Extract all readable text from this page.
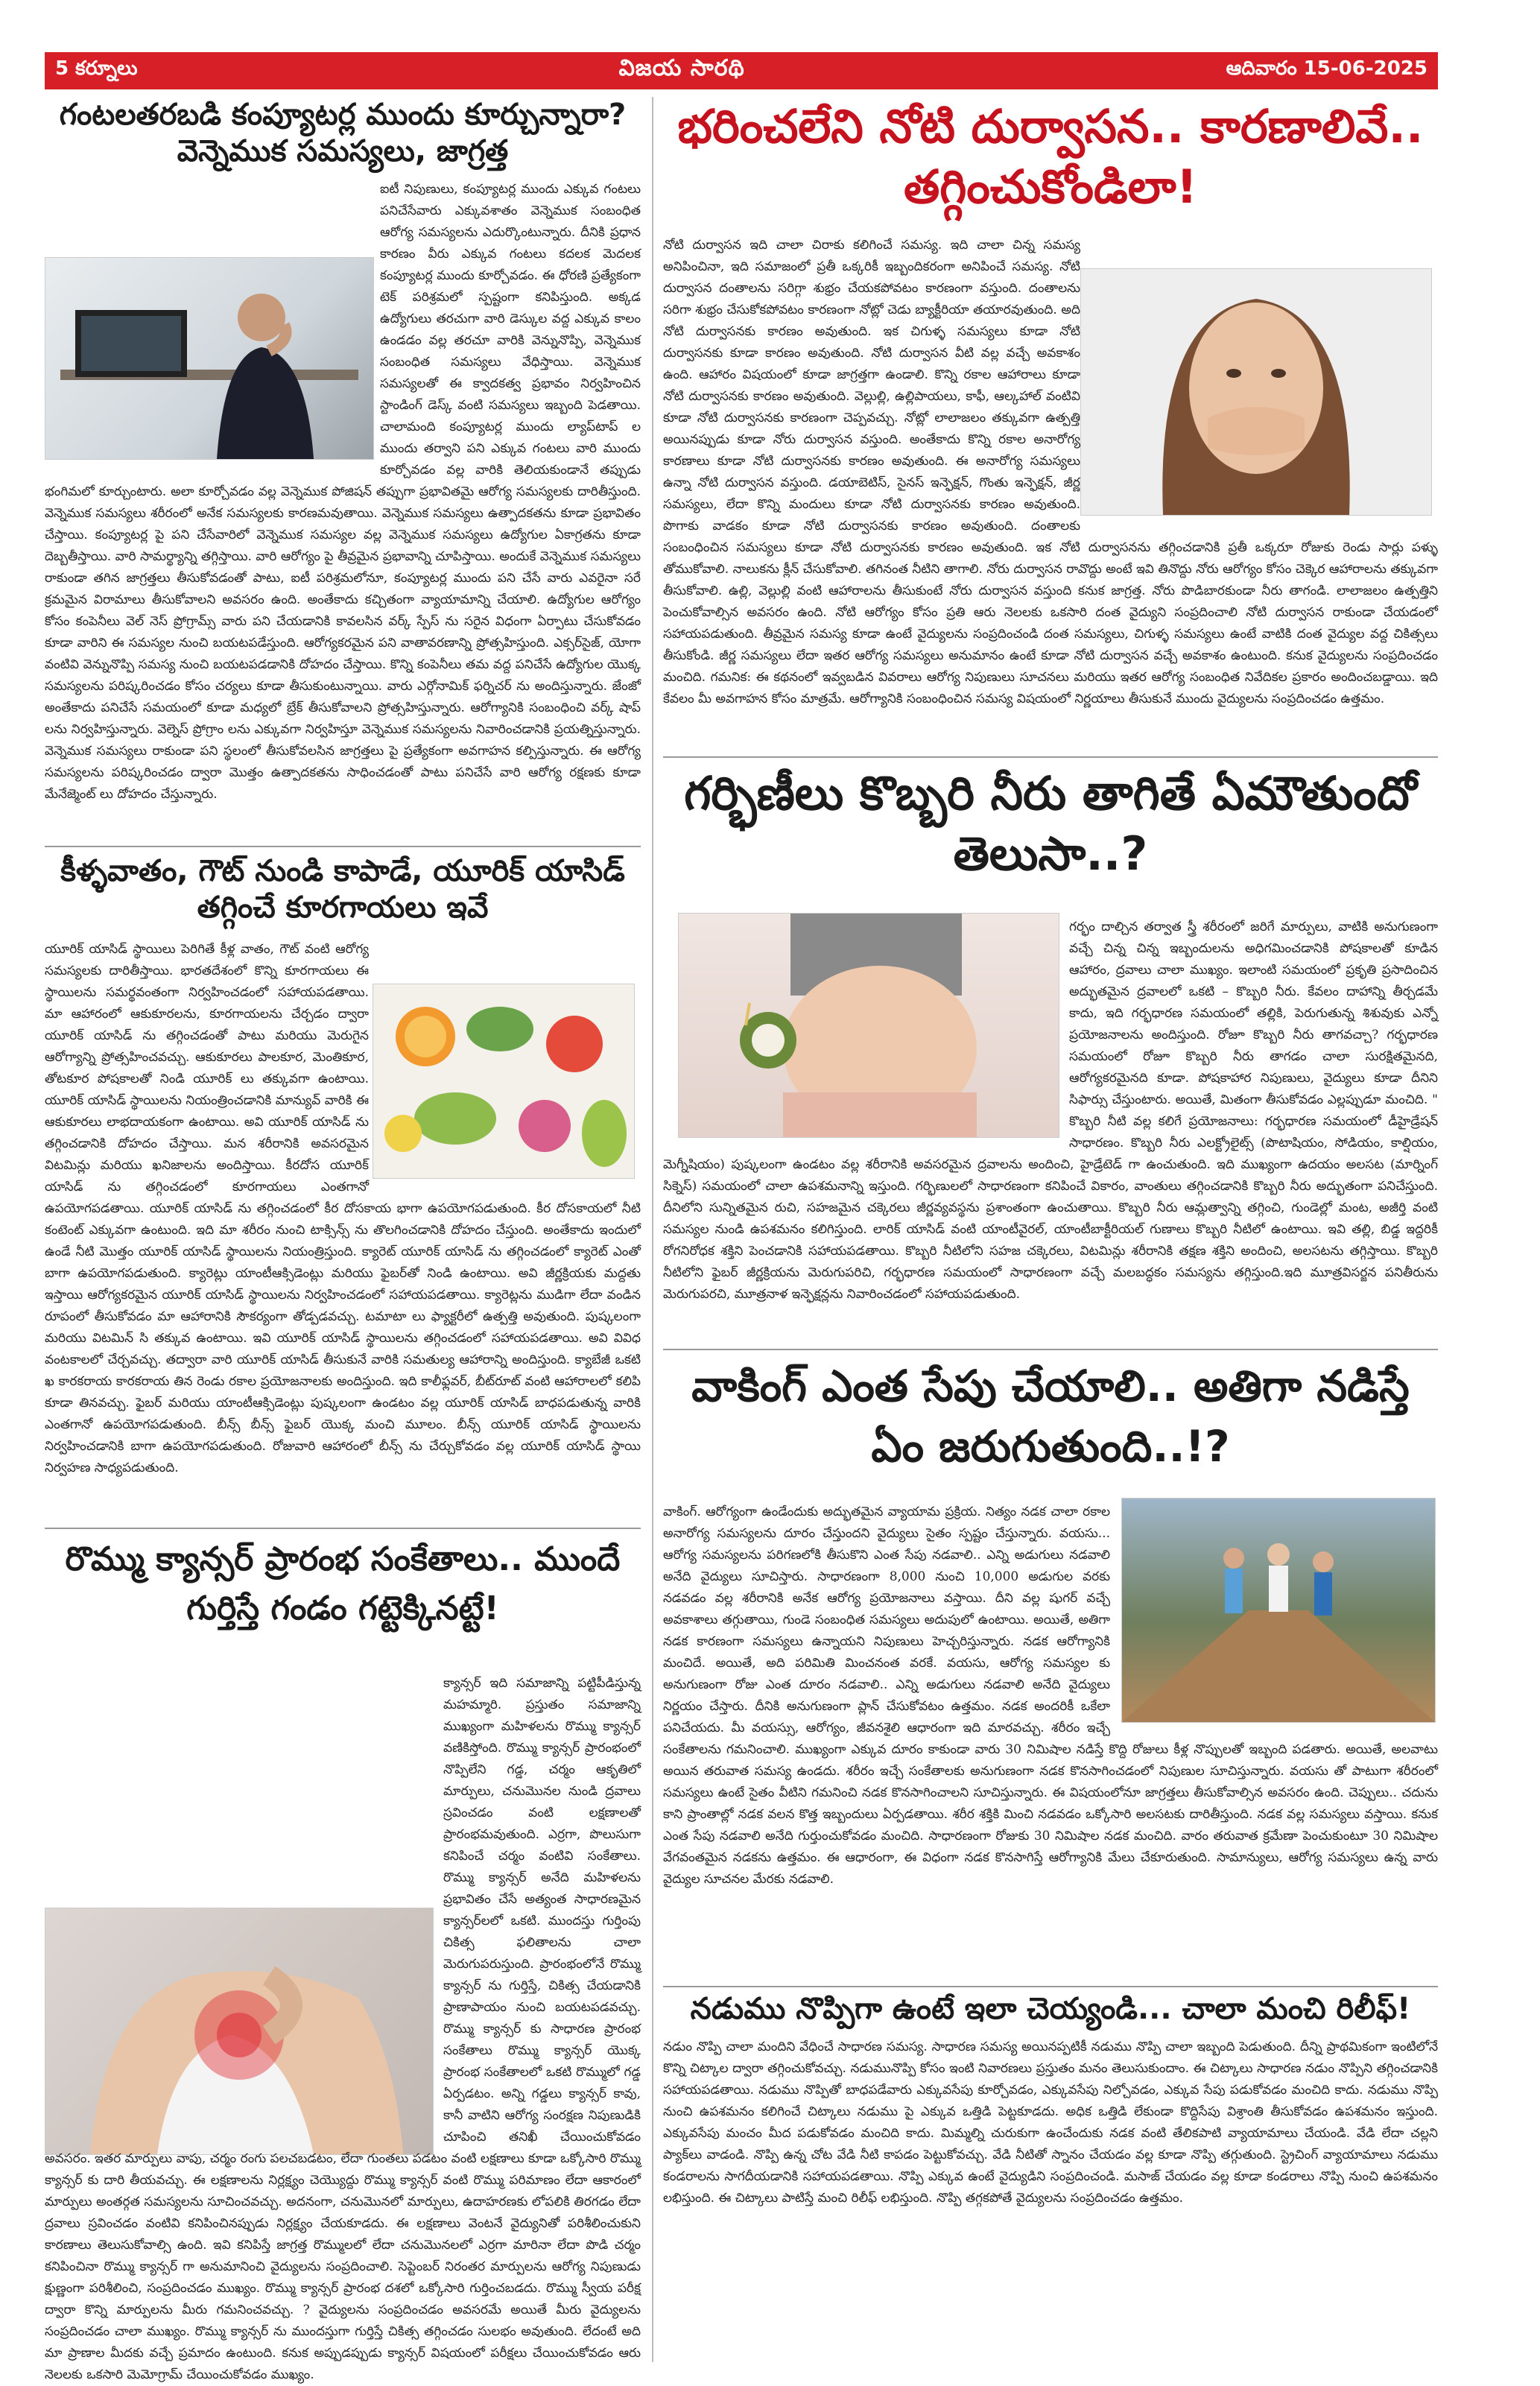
5 కర్నూలు	విజయ సారథి	ఆదివారం 15-06-2025
గంటలతరబడి కంప్యూటర్ల ముందు కూర్చున్నారా? వెన్నెముక సమస్యలు, జాగ్రత్త

ఐటీ నిపుణులు, కంప్యూటర్ల ముందు ఎక్కువ గంటలు పనిచేసేవారు ఎక్కువశాతం వెన్నెముక సంబంధిత ఆరోగ్య సమస్యలను ఎదుర్కొంటున్నారు. దీనికి ప్రధాన కారణం వీరు ఎక్కువ గంటలు కదలక మెదలక కంప్యూటర్ల ముందు కూర్చోవడం. ఈ ధోరణి ప్రత్యేకంగా టెక్ పరిశ్రమలో స్పష్టంగా కనిపిస్తుంది. అక్కడ ఉద్యోగులు తరచుగా వారి డెస్కుల వద్ద ఎక్కువ కాలం ఉండడం వల్ల తరచూ వారికి వెన్నునొప్పి, వెన్నెముక సంబంధిత సమస్యలు వేధిస్తాయి. వెన్నెముక సమస్యలతో ఈ క్వాదకత్వ ప్రభావం నిర్వహించిన స్టాండింగ్ డెస్క్ వంటి సమస్యలు ఇబ్బంది పెడతాయి. చాలామంది కంప్యూటర్ల ముందు ల్యాప్‌టాప్ ల ముందు తర్వాని పని ఎక్కువ గంటలు వారి ముందు కూర్చోవడం వల్ల వారికి తెలియకుండానే తప్పుడు భంగిమలో కూర్చుంటారు. అలా కూర్చోవడం వల్ల వెన్నెముక పోజిషన్ తప్పుగా ప్రభావితమై ఆరోగ్య సమస్యలకు దారితీస్తుంది. వెన్నెముక సమస్యలు శరీరంలో అనేక సమస్యలకు కారణమవుతాయి. వెన్నెముక సమస్యలు ఉత్పాదకతను కూడా ప్రభావితం చేస్తాయి. కంప్యూటర్ల పై పని చేసేవారిలో వెన్నెముక సమస్యల వల్ల వెన్నెముక సమస్యలు ఉద్యోగుల ఏకాగ్రతను కూడా దెబ్బతీస్తాయి. వారి సామర్థ్యాన్ని తగ్గిస్తాయి. వారి ఆరోగ్యం పై తీవ్రమైన ప్రభావాన్ని చూపిస్తాయి. అందుకే వెన్నెముక సమస్యలు రాకుండా తగిన జాగ్రత్తలు తీసుకోవడంతో పాటు, ఐటీ పరిశ్రమలోనూ, కంప్యూటర్ల ముందు పని చేసే వారు ఎవరైనా సరే క్రమమైన విరామాలు తీసుకోవాలని అవసరం ఉంది. అంతేకాదు కచ్చితంగా వ్యాయామాన్ని చేయాలి. ఉద్యోగుల ఆరోగ్యం కోసం కంపెనీలు వెల్ నెస్ ప్రోగ్రామ్స్ వారు పని చేయడానికి కావలసిన వర్క్ స్పేస్ ను సరైన విధంగా ఏర్పాటు చేసుకోవడం కూడా వారిని ఈ సమస్యల నుంచి బయటపడేస్తుంది. ఆరోగ్యకరమైన పని వాతావరణాన్ని ప్రోత్సహిస్తుంది. ఎక్సర్‌సైజ్, యోగా వంటివి వెన్నునొప్పి సమస్య నుంచి బయటపడడానికి దోహదం చేస్తాయి. కొన్ని కంపెనీలు తమ వద్ద పనిచేసే ఉద్యోగుల యొక్క సమస్యలను పరిష్కరించడం కోసం చర్యలు కూడా తీసుకుంటున్నాయి. వారు ఎర్గోనామిక్ ఫర్నిచర్ ను అందిస్తున్నారు. జేంజో అంతేకాదు పనిచేసే సమయంలో కూడా మధ్యలో బ్రేక్ తీసుకోవాలని ప్రోత్సహిస్తున్నారు. ఆరోగ్యానికి సంబంధించి వర్క్ షాప్ లను నిర్వహిస్తున్నారు. వెల్నెస్ ప్రోగ్రాం లను ఎక్కువగా నిర్వహిస్తూ వెన్నెముక సమస్యలను నివారించడానికి ప్రయత్నిస్తున్నారు. వెన్నెముక సమస్యలు రాకుండా పని స్థలంలో తీసుకోవలసిన జాగ్రత్తలు పై ప్రత్యేకంగా అవగాహన కల్పిస్తున్నారు. ఈ ఆరోగ్య సమస్యలను పరిష్కరించడం ద్వారా మొత్తం ఉత్పాదకతను సాధించడంతో పాటు పనిచేసే వారి ఆరోగ్య రక్షణకు కూడా మేనేజ్మెంట్ లు దోహదం చేస్తున్నారు.

కీళ్ళవాతం, గౌట్ నుండి కాపాడే, యూరిక్ యాసిడ్ తగ్గించే కూరగాయలు ఇవే

యూరిక్ యాసిడ్ స్థాయిలు పెరిగితే కీళ్ల వాతం, గౌట్ వంటి ఆరోగ్య సమస్యలకు దారితీస్తాయి. భారతదేశంలో కొన్ని కూరగాయలు ఈ స్థాయిలను సమర్థవంతంగా నిర్వహించడంలో సహాయపడతాయి. మా ఆహారంలో ఆకుకూరలను, కూరగాయలను చేర్చడం ద్వారా యూరిక్ యాసిడ్ ను తగ్గించడంతో పాటు మరియు మెరుగైన ఆరోగ్యాన్ని ప్రోత్సహించవచ్చు. ఆకుకూరలు పాలకూర, మెంతికూర, తోటకూర పోషకాలతో నిండి యూరిక్ లు తక్కువగా ఉంటాయి. యూరిక్ యాసిడ్ స్థాయిలను నియంత్రించడానికి మాన్యువ్ వారికి ఈ ఆకుకూరలు లాభదాయకంగా ఉంటాయి. అవి యూరిక్ యాసిడ్ ను తగ్గించడానికి దోహదం చేస్తాయి. మన శరీరానికి అవసరమైన విటమిన్లు మరియు ఖనిజాలను అందిస్తాయి. కీరదోస యూరిక్ యాసిడ్ ను తగ్గించడంలో కూరగాయలు ఎంతగానో ఉపయోగపడతాయి. యూరిక్ యాసిడ్ ను తగ్గించడంలో కీర దోసకాయ భాగా ఉపయోగపడుతుంది. కీర దోసకాయలో నీటి కంటెంట్ ఎక్కువగా ఉంటుంది. ఇది మా శరీరం నుంచి టాక్సిన్స్ ను తొలగించడానికి దోహదం చేస్తుంది. అంతేకాదు ఇందులో ఉండే నీటి మొత్తం యూరిక్ యాసిడ్ స్థాయిలను నియంత్రిస్తుంది. క్యారెట్ యూరిక్ యాసిడ్ ను తగ్గించడంలో క్యారెట్ ఎంతో బాగా ఉపయోగపడుతుంది. క్యారెట్లు యాంటీఆక్సిడెంట్లు మరియు ఫైబర్‌తో నిండి ఉంటాయి. అవి జీర్ణక్రియకు మద్దతు ఇస్తాయి ఆరోగ్యకరమైన యూరిక్ యాసిడ్ స్థాయిలను నిర్వహించడంలో సహాయపడతాయి. క్యారెట్లను ముడిగా లేదా వండిన రూపంలో తీసుకోవడం మా ఆహారానికి సౌకర్యంగా తోడ్పడవచ్చు. టమాటా లు ఫ్యాక్టరీలో ఉత్పత్తి అవుతుంది. పుష్కలంగా మరియు విటమిన్ సి తక్కువ ఉంటాయి. ఇవి యూరిక్ యాసిడ్ స్థాయిలను తగ్గించడంలో సహాయపడతాయి. అవి వివిధ వంటకాలలో చేర్చవచ్చు. తద్వారా వారి యూరిక్ యాసిడ్ తీసుకునే వారికి సమతుల్య ఆహారాన్ని అందిస్తుంది. క్యాబేజీ ఒకటి ఖ కారకరాయ కారకరాయ తిన రెండు రకాల ప్రయోజనాలకు అందిస్తుంది. ఇది కాలీఫ్లవర్, బీట్‌రూట్ వంటి ఆహారాలలో కలిపి కూడా తినవచ్చు. ఫైబర్ మరియు యాంటీఆక్సిడెంట్లు పుష్కలంగా ఉండటం వల్ల యూరిక్ యాసిడ్ బాధపడుతున్న వారికి ఎంతగానో ఉపయోగపడుతుంది. బీన్స్ బీన్స్ ఫైబర్ యొక్క మంచి మూలం. బీన్స్ యూరిక్ యాసిడ్ స్థాయిలను నిర్వహించడానికి బాగా ఉపయోగపడుతుంది. రోజువారి ఆహారంలో బీన్స్ ను చేర్చుకోవడం వల్ల యూరిక్ యాసిడ్ స్థాయి నిర్వహణ సాధ్యపడుతుంది.

రొమ్ము క్యాన్సర్ ప్రారంభ సంకేతాలు.. ముందే గుర్తిస్తే గండం గట్టెక్కినట్టే!

క్యాన్సర్ ఇది సమాజాన్ని పట్టిపీడిస్తున్న మహమ్మారి. ప్రస్తుతం సమాజాన్ని ముఖ్యంగా మహిళలను రొమ్ము క్యాన్సర్ వణికిస్తోంది. రొమ్ము క్యాన్సర్ ప్రారంభంలో నొప్పిలేని గడ్డ, చర్మం ఆకృతిలో మార్పులు, చనుమొనల నుండి ద్రవాలు స్రవించడం వంటి లక్షణాలతో ప్రారంభమవుతుంది. ఎర్రగా, పొలుసుగా కనిపించే చర్మం వంటివి సంకేతాలు. రొమ్ము క్యాన్సర్ అనేది మహిళలను ప్రభావితం చేసే అత్యంత సాధారణమైన క్యాన్సర్‌లలో ఒకటి. ముందస్తు గుర్తింపు చికిత్స ఫలితాలను చాలా మెరుగుపరుస్తుంది. ప్రారంభంలోనే రొమ్ము క్యాన్సర్ ను గుర్తిస్తే, చికిత్స చేయడానికి ప్రాణాపాయం నుంచి బయటపడవచ్చు. రొమ్ము క్యాన్సర్ కు సాధారణ ప్రారంభ సంకేతాలు రొమ్ము క్యాన్సర్ యొక్క ప్రారంభ సంకేతాలలో ఒకటి రొమ్ములో గడ్డ ఏర్పడటం. అన్ని గడ్డలు క్యాన్సర్ కావు, కానీ వాటిని ఆరోగ్య సంరక్షణ నిపుణుడికి చూపించి తనిఖీ చేయించుకోవడం అవసరం. ఇతర మార్పులు వాపు, చర్మం రంగు పలచబడటం, లేదా గుంతలు పడటం వంటి లక్షణాలు కూడా ఒక్కోసారి రొమ్ము క్యాన్సర్ కు దారి తీయవచ్చు. ఈ లక్షణాలను నిర్లక్ష్యం చెయ్యొద్దు రొమ్ము క్యాన్సర్ వంటి రొమ్ము పరిమాణం లేదా ఆకారంలో మార్పులు అంతర్గత సమస్యలను సూచించవచ్చు. అదనంగా, చనుమొనలో మార్పులు, ఉదాహరణకు లోపలికి తిరగడం లేదా ద్రవాలు స్రవించడం వంటివి కనిపించినప్పుడు నిర్లక్ష్యం చేయకూడదు. ఈ లక్షణాలు వెంటనే వైద్యునితో పరిశీలించుకుని కారణాలు తెలుసుకోవాల్సి ఉంది. ఇవి కనిపిస్తే జాగ్రత్త రొమ్ములలో లేదా చనుమొనలలో ఎర్రగా మారినా లేదా పొడి చర్మం కనిపించినా రొమ్ము క్యాన్సర్ గా అనుమానించి వైద్యులను సంప్రదించాలి. సెప్టెంబర్ నిరంతర మార్పులను ఆరోగ్య నిపుణుడు క్షుణ్ణంగా పరిశీలించి, సంప్రదించడం ముఖ్యం. రొమ్ము క్యాన్సర్ ప్రారంభ దశలో ఒక్కోసారి గుర్తించబడదు. రొమ్ము స్వీయ పరీక్ష ద్వారా కొన్ని మార్పులను మీరు గమనించవచ్చు. ? వైద్యులను సంప్రదించడం అవసరమే అయితే మీరు వైద్యులను సంప్రదించడం చాలా ముఖ్యం. రొమ్ము క్యాన్సర్ ను ముందస్తుగా గుర్తిస్తే చికిత్స తగ్గించడం సులభం అవుతుంది. లేదంటే అది మా ప్రాణాల మీదకు వచ్చే ప్రమాదం ఉంటుంది. కనుక అప్పుడప్పుడు క్యాన్సర్ విషయంలో పరీక్షలు చేయించుకోవడం ఆరు నెలలకు ఒకసారి మెమోగ్రామ్ చేయించుకోవడం ముఖ్యం.

భరించలేని నోటి దుర్వాసన.. కారణాలివే.. తగ్గించుకోండిలా!

నోటి దుర్వాసన ఇది చాలా చిరాకు కలిగించే సమస్య. ఇది చాలా చిన్న సమస్య అనిపించినా, ఇది సమాజంలో ప్రతీ ఒక్కరికీ ఇబ్బందికరంగా అనిపించే సమస్య. నోటి దుర్వాసన దంతాలను సరిగ్గా శుభ్రం చేయకపోవటం కారణంగా వస్తుంది. దంతాలను సరిగా శుభ్రం చేసుకోకపోవటం కారణంగా నోట్లో చెడు బ్యాక్టీరియా తయారవుతుంది. అది నోటి దుర్వాసనకు కారణం అవుతుంది. ఇక చిగుళ్ళ సమస్యలు కూడా నోటి దుర్వాసనకు కూడా కారణం అవుతుంది. నోటి దుర్వాసన వీటి వల్ల వచ్చే అవకాశం ఉంది. ఆహారం విషయంలో కూడా జాగ్రత్తగా ఉండాలి. కొన్ని రకాల ఆహారాలు కూడా నోటి దుర్వాసనకు కారణం అవుతుంది. వెల్లుల్లి, ఉల్లిపాయలు, కాఫీ, ఆల్కహాల్ వంటివి కూడా నోటి దుర్వాసనకు కారణంగా చెప్పవచ్చు. నోట్లో లాలాజలం తక్కువగా ఉత్పత్తి అయినప్పుడు కూడా నోరు దుర్వాసన వస్తుంది. అంతేకాదు కొన్ని రకాల అనారోగ్య కారణాలు కూడా నోటి దుర్వాసనకు కారణం అవుతుంది. ఈ అనారోగ్య సమస్యలు ఉన్నా నోటి దుర్వాసన వస్తుంది. డయాబెటిస్, సైనస్ ఇన్ఫెక్షన్, గొంతు ఇన్ఫెక్షన్, జీర్ణ సమస్యలు, లేదా కొన్ని మందులు కూడా నోటి దుర్వాసనకు కారణం అవుతుంది. పొగాకు వాడకం కూడా నోటి దుర్వాసనకు కారణం అవుతుంది. దంతాలకు సంబంధించిన సమస్యలు కూడా నోటి దుర్వాసనకు కారణం అవుతుంది. ఇక నోటి దుర్వాసనను తగ్గించడానికి ప్రతీ ఒక్కరూ రోజుకు రెండు సార్లు పళ్ళు తోముకోవాలి. నాలుకను క్లీన్ చేసుకోవాలి. తగినంత నీటిని తాగాలి. నోరు దుర్వాసన రావొద్దు అంటే ఇవి తినొద్దు నోరు ఆరోగ్యం కోసం చెక్కెర ఆహారాలను తక్కువగా తీసుకోవాలి. ఉల్లి, వెల్లుల్లి వంటి ఆహారాలను తీసుకుంటే నోరు దుర్వాసన వస్తుంది కనుక జాగ్రత్త. నోరు పొడిబారకుండా నీరు తాగండి. లాలాజలం ఉత్పత్తిని పెంచుకోవాల్సిన అవసరం ఉంది. నోటి ఆరోగ్యం కోసం ప్రతి ఆరు నెలలకు ఒకసారి దంత వైద్యుని సంప్రదించాలి నోటి దుర్వాసన రాకుండా చేయడంలో సహాయపడుతుంది. తీవ్రమైన సమస్య కూడా ఉంటే వైద్యులను సంప్రదించండి దంత సమస్యలు, చిగుళ్ళ సమస్యలు ఉంటే వాటికి దంత వైద్యుల వద్ద చికిత్సలు తీసుకోండి. జీర్ణ సమస్యలు లేదా ఇతర ఆరోగ్య సమస్యలు అనుమానం ఉంటే కూడా నోటి దుర్వాసన వచ్చే అవకాశం ఉంటుంది. కనుక వైద్యులను సంప్రదించడం మంచిది. గమనిక: ఈ కథనంలో ఇవ్వబడిన వివరాలు ఆరోగ్య నిపుణులు సూచనలు మరియు ఇతర ఆరోగ్య సంబంధిత నివేదికల ప్రకారం అందించబడ్డాయి. ఇది కేవలం మీ అవగాహన కోసం మాత్రమే. ఆరోగ్యానికి సంబంధించిన సమస్య విషయంలో నిర్ణయాలు తీసుకునే ముందు వైద్యులను సంప్రదించడం ఉత్తమం.

గర్భిణీలు కొబ్బరి నీరు తాగితే ఏమౌతుందో తెలుసా..?

గర్భం దాల్చిన తర్వాత స్త్రీ శరీరంలో జరిగే మార్పులు, వాటికి అనుగుణంగా వచ్చే చిన్న చిన్న ఇబ్బందులను అధిగమించడానికి పోషకాలతో కూడిన ఆహారం, ద్రవాలు చాలా ముఖ్యం. ఇలాంటి సమయంలో ప్రకృతి ప్రసాదించిన అద్భుతమైన ద్రవాలలో ఒకటి – కొబ్బరి నీరు. కేవలం దాహాన్ని తీర్చడమే కాదు, ఇది గర్భధారణ సమయంలో తల్లికి, పెరుగుతున్న శిశువుకు ఎన్నో ప్రయోజనాలను అందిస్తుంది. రోజూ కొబ్బరి నీరు తాగవచ్చా? గర్భధారణ సమయంలో రోజూ కొబ్బరి నీరు తాగడం చాలా సురక్షితమైనది, ఆరోగ్యకరమైనది కూడా. పోషకాహార నిపుణులు, వైద్యులు కూడా దీనిని సిఫార్సు చేస్తుంటారు. అయితే, మితంగా తీసుకోవడం ఎల్లప్పుడూ మంచిది. " కొబ్బరి నీటి వల్ల కలిగే ప్రయోజనాలు: గర్భధారణ సమయంలో డీహైడ్రేషన్ సాధారణం. కొబ్బరి నీరు ఎలక్ట్రోలైట్స్ (పొటాషియం, సోడియం, కాల్షియం, మెగ్నీషియం) పుష్కలంగా ఉండటం వల్ల శరీరానికి అవసరమైన ద్రవాలను అందించి, హైడ్రేటెడ్ గా ఉంచుతుంది. ఇది ముఖ్యంగా ఉదయం అలసట (మార్నింగ్ సిక్నెస్) సమయంలో చాలా ఉపశమనాన్ని ఇస్తుంది. గర్భిణులలో సాధారణంగా కనిపించే వికారం, వాంతులు తగ్గించడానికి కొబ్బరి నీరు అద్భుతంగా పనిచేస్తుంది. దీనిలోని సున్నితమైన రుచి, సహజమైన చక్కెరలు జీర్ణవ్యవస్థను ప్రశాంతంగా ఉంచుతాయి. కొబ్బరి నీరు ఆమ్లత్వాన్ని తగ్గించి, గుండెల్లో మంట, అజీర్తి వంటి సమస్యల నుండి ఉపశమనం కలిగిస్తుంది. లారిక్ యాసిడ్ వంటి యాంటీవైరల్, యాంటీబాక్టీరియల్ గుణాలు కొబ్బరి నీటిలో ఉంటాయి. ఇవి తల్లి, బిడ్డ ఇద్దరికీ రోగనిరోధక శక్తిని పెంచడానికి సహాయపడతాయి. కొబ్బరి నీటిలోని సహజ చక్కెరలు, విటమిన్లు శరీరానికి తక్షణ శక్తిని అందించి, అలసటను తగ్గిస్తాయి. కొబ్బరి నీటిలోని ఫైబర్ జీర్ణక్రియను మెరుగుపరిచి, గర్భధారణ సమయంలో సాధారణంగా వచ్చే మలబద్ధకం సమస్యను తగ్గిస్తుంది.ఇది మూత్రవిసర్జన పనితీరును మెరుగుపరచి, మూత్రనాళ ఇన్ఫెక్షన్లను నివారించడంలో సహాయపడుతుంది.

వాకింగ్ ఎంత సేపు చేయాలి.. అతిగా నడిస్తే ఏం జరుగుతుంది..!?

వాకింగ్. ఆరోగ్యంగా ఉండేందుకు అద్భుతమైన వ్యాయామ ప్రక్రియ. నిత్యం నడక చాలా రకాల అనారోగ్య సమస్యలను దూరం చేస్తుందని వైద్యులు సైతం స్పష్టం చేస్తున్నారు. వయసు... ఆరోగ్య సమస్యలను పరిగణలోకి తీసుకొని ఎంత సేపు నడవాలి.. ఎన్ని అడుగులు నడవాలి అనేది వైద్యులు సూచిస్తారు. సాధారణంగా 8,000 నుంచి 10,000 అడుగుల వరకు నడవడం వల్ల శరీరానికి అనేక ఆరోగ్య ప్రయోజనాలు వస్తాయి. దీని వల్ల షుగర్ వచ్చే అవకాశాలు తగ్గుతాయి, గుండె సంబంధిత సమస్యలు అదుపులో ఉంటాయి. అయితే, అతిగా నడక కారణంగా సమస్యలు ఉన్నాయని నిపుణులు హెచ్చరిస్తున్నారు. నడక ఆరోగ్యానికి మంచిదే. అయితే, అది పరిమితి మించనంత వరకే. వయసు, ఆరోగ్య సమస్యల కు అనుగుణంగా రోజు ఎంత దూరం నడవాలి.. ఎన్ని అడుగులు నడవాలి అనేది వైద్యులు నిర్ణయం చేస్తారు. దీనికి అనుగుణంగా ప్లాన్ చేసుకోవటం ఉత్తమం. నడక అందరికీ ఒకేలా పనిచేయదు. మీ వయస్సు, ఆరోగ్యం, జీవనశైలి ఆధారంగా ఇది మారవచ్చు. శరీరం ఇచ్చే సంకేతాలను గమనించాలి. ముఖ్యంగా ఎక్కువ దూరం కాకుండా వారు 30 నిమిషాల నడిస్తే కొద్ది రోజులు కీళ్ల నొప్పులతో ఇబ్బంది పడతారు. అయితే, అలవాటు అయిన తరువాత సమస్య ఉండదు. శరీరం ఇచ్చే సంకేతాలకు అనుగుణంగా నడక కొనసాగించడంలో నిపుణుల సూచిస్తున్నారు. వయసు తో పాటుగా శరీరంలో సమస్యలు ఉంటే సైతం వీటిని గమనించి నడక కొనసాగించాలని సూచిస్తున్నారు. ఈ విషయంలోనూ జాగ్రత్తలు తీసుకోవాల్సిన అవసరం ఉంది. చెప్పులు.. చదును కాని ప్రాంతాల్లో నడక వలన కొత్త ఇబ్బందులు ఏర్పడతాయి. శరీర శక్తికి మించి నడవడం ఒక్కోసారి అలసటకు దారితీస్తుంది. నడక వల్ల సమస్యలు వస్తాయి. కనుక ఎంత సేపు నడవాలి అనేది గుర్తుంచుకోవడం మంచిది. సాధారణంగా రోజుకు 30 నిమిషాల నడక మంచిది. వారం తరువాత క్రమేణా పెంచుకుంటూ 30 నిమిషాల వేగవంతమైన నడకను ఉత్తమం. ఈ ఆధారంగా, ఈ విధంగా నడక కొనసాగిస్తే ఆరోగ్యానికి మేలు చేకూరుతుంది. సామాన్యులు, ఆరోగ్య సమస్యలు ఉన్న వారు వైద్యుల సూచనల మేరకు నడవాలి.

నడుము నొప్పిగా ఉంటే ఇలా చెయ్యండి... చాలా మంచి రిలీఫ్!

నడుం నొప్పి చాలా మందిని వేధించే సాధారణ సమస్య. సాధారణ సమస్య అయినప్పటికీ నడుము నొప్పి చాలా ఇబ్బంది పెడుతుంది. దీన్ని ప్రాథమికంగా ఇంటిలోనే కొన్ని చిట్కాల ద్వారా తగ్గించుకోవచ్చు. నడుమునొప్పి కోసం ఇంటి నివారణలు ప్రస్తుతం మనం తెలుసుకుందాం. ఈ చిట్కాలు సాధారణ నడుం నొప్పిని తగ్గించడానికి సహాయపడతాయి. నడుము నొప్పితో బాధపడేవారు ఎక్కువసేపు కూర్చోవడం, ఎక్కువసేపు నిల్చోవడం, ఎక్కువ సేపు పడుకోవడం మంచిది కాదు. నడుము నొప్పి నుంచి ఉపశమనం కలిగించే చిట్కాలు నడుము పై ఎక్కువ ఒత్తిడి పెట్టకూడదు. అధిక ఒత్తిడి లేకుండా కొద్దిసేపు విశ్రాంతి తీసుకోవడం ఉపశమనం ఇస్తుంది. ఎక్కువసేపు మంచం మీద పడుకోవడం మంచిది కాదు. మిమ్మల్ని చురుకుగా ఉంచేందుకు నడక వంటి తేలికపాటి వ్యాయామాలు చేయండి. వేడి లేదా చల్లని ప్యాక్‌లు వాడండి. నొప్పి ఉన్న చోట వేడి నీటి కాపడం పెట్టుకోవచ్చు. వేడి నీటితో స్నానం చేయడం వల్ల కూడా నొప్పి తగ్గుతుంది. స్ట్రెచింగ్ వ్యాయామాలు నడుము కండరాలను సాగదీయడానికి సహాయపడతాయి. నొప్పి ఎక్కువ ఉంటే వైద్యుడిని సంప్రదించండి. మసాజ్ చేయడం వల్ల కూడా కండరాలు నొప్పి నుంచి ఉపశమనం లభిస్తుంది. ఈ చిట్కాలు పాటిస్తే మంచి రిలీఫ్ లభిస్తుంది. నొప్పి తగ్గకపోతే వైద్యులను సంప్రదించడం ఉత్తమం.
